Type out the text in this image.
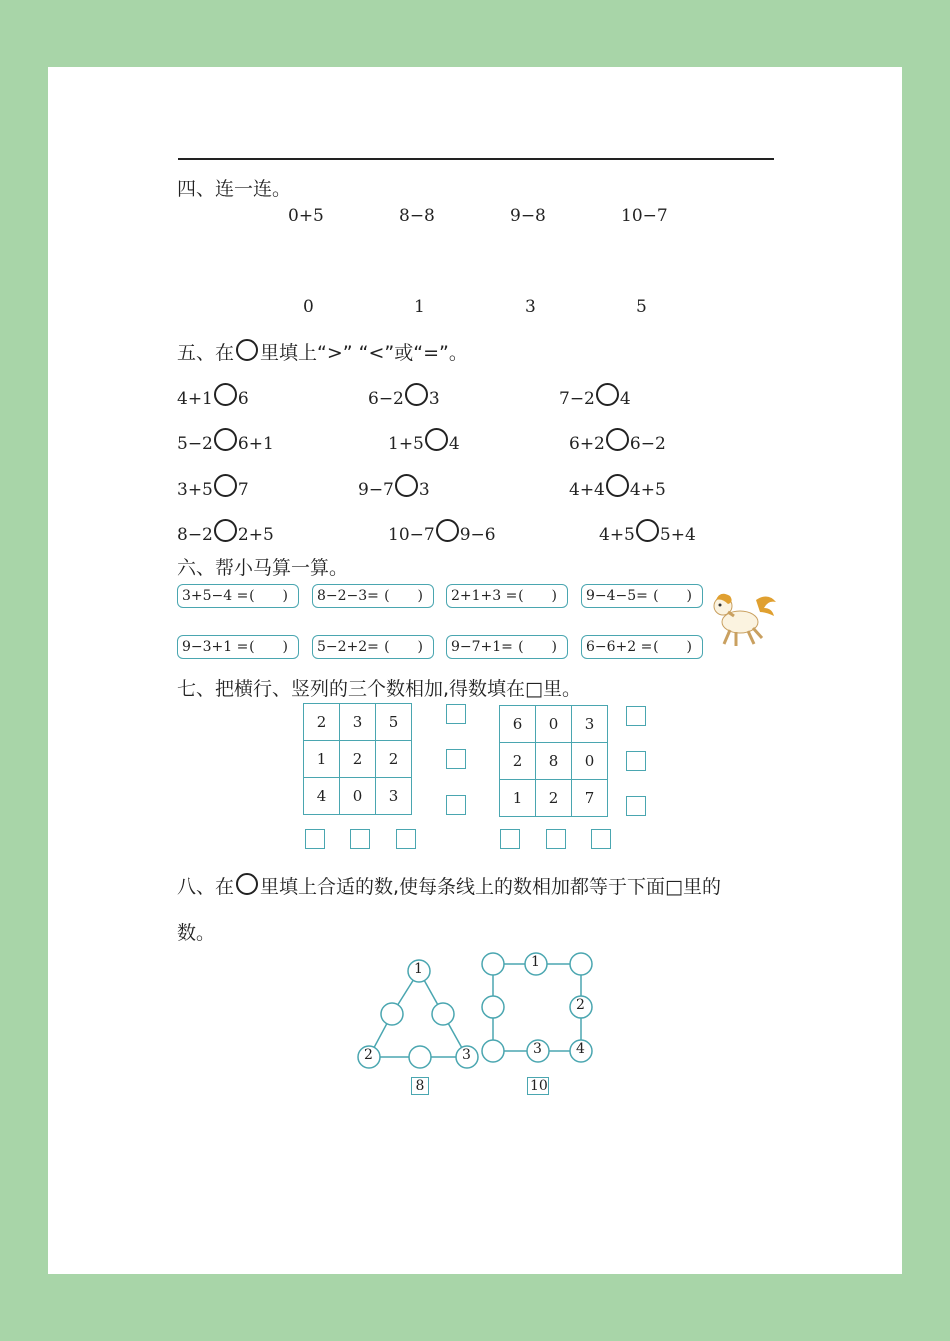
四、连一连。
0+5	8−8	9−8	10−7
0	1	3	5
五、在 里填上“>” “<”或“=”。
4+1 6	6−2 3	7−2 4
5−2 6+1	1+5 4	6+2 6−2
3+5 7	9−7 3	4+4 4+5
8−2 2+5	10−7 9−6	4+5 5+4
六、帮小马算一算。
3+5−4 = (　　)	8−2−3= (　　)	2+1+3 = (　　)	9−4−5= (　　)
9−3+1 = (　　)	5−2+2= (　　)	9−7+1= (　　)	6−6+2 = (　　)
七、把横行、竖列的三个数相加,得数填在□里。
2	3	5
1	2	2
4	0	3
6	0	3
2	8	0
1	2	7
八、在 里填上合适的数,使每条线上的数相加都等于下面□里的
数。
1
2	3
8
1
2
3 4
10
